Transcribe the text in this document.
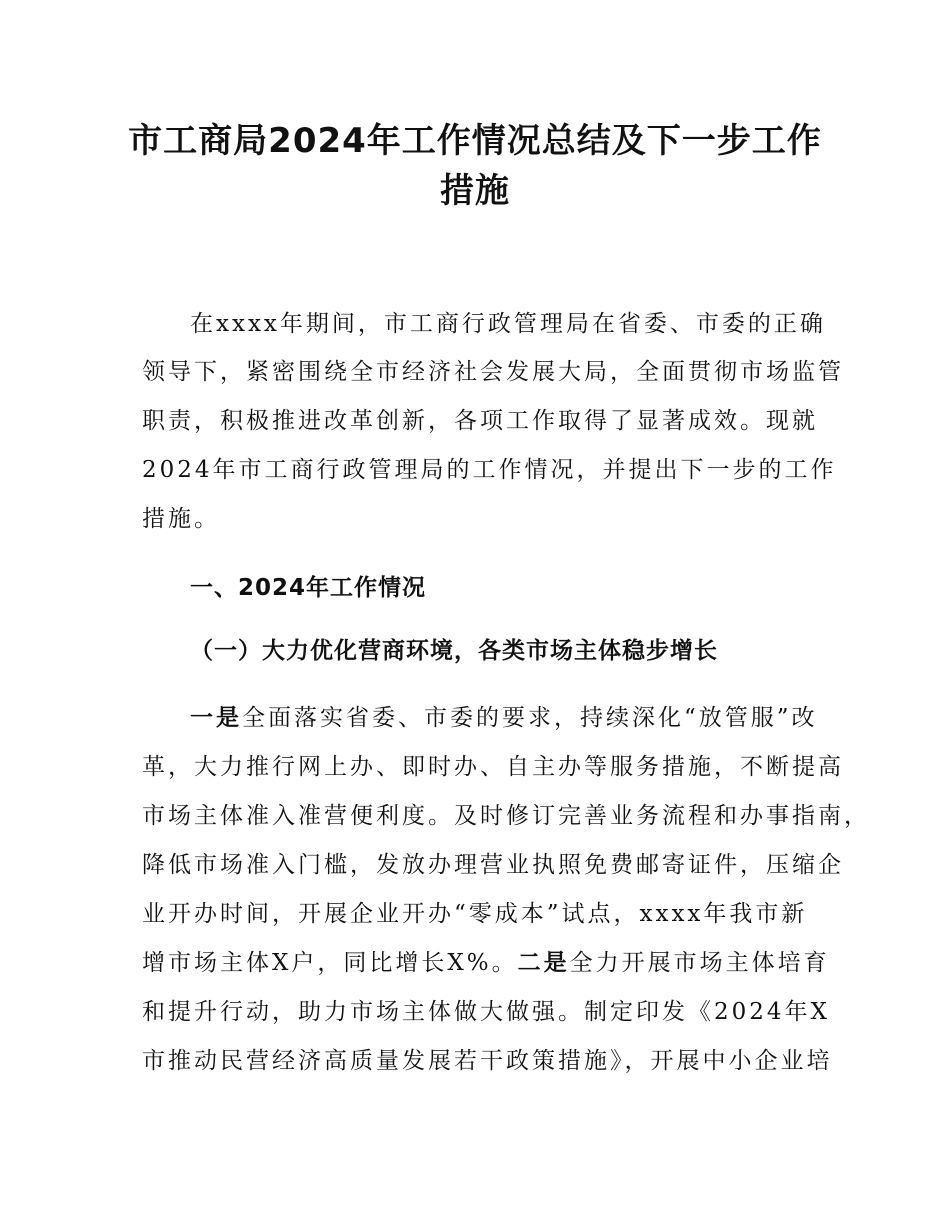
市工商局2024年工作情况总结及下一步工作
措施
在xxxx年期间，市工商行政管理局在省委、市委的正确
领导下，紧密围绕全市经济社会发展大局，全面贯彻市场监管
职责，积极推进改革创新，各项工作取得了显著成效。现就
2024年市工商行政管理局的工作情况，并提出下一步的工作
措施。
一、2024年工作情况
（一）大力优化营商环境，各类市场主体稳步增长
一是全面落实省委、市委的要求，持续深化“放管服”改
革，大力推行网上办、即时办、自主办等服务措施，不断提高
市场主体准入准营便利度。及时修订完善业务流程和办事指南，
降低市场准入门槛，发放办理营业执照免费邮寄证件，压缩企
业开办时间，开展企业开办“零成本”试点，xxxx年我市新
增市场主体X户，同比增长X%。二是全力开展市场主体培育
和提升行动，助力市场主体做大做强。制定印发《2024年X
市推动民营经济高质量发展若干政策措施》，开展中小企业培
